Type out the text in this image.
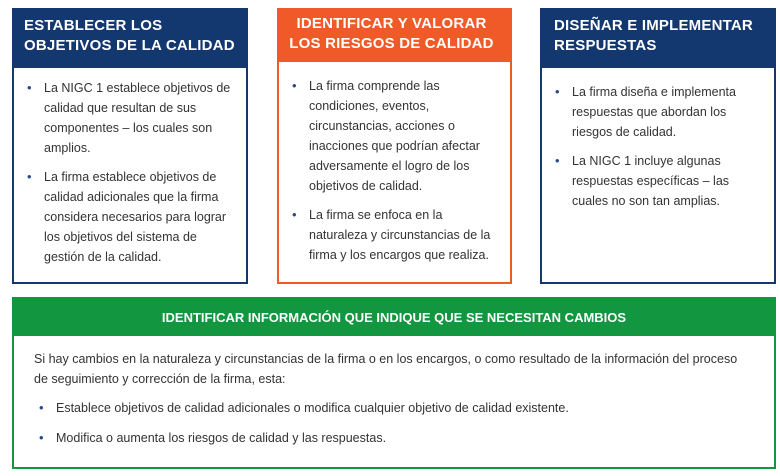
ESTABLECER LOS OBJETIVOS DE LA CALIDAD
• La NIGC 1 establece objetivos de calidad que resultan de sus componentes – los cuales son amplios.
• La firma establece objetivos de calidad adicionales que la firma considera necesarios para lograr los objetivos del sistema de gestión de la calidad.
IDENTIFICAR Y VALORAR LOS RIESGOS DE CALIDAD
• La firma comprende las condiciones, eventos, circunstancias, acciones o inacciones que podrían afectar adversamente el logro de los objetivos de calidad.
• La firma se enfoca en la naturaleza y circunstancias de la firma y los encargos que realiza.
DISEÑAR E IMPLEMENTAR RESPUESTAS
• La firma diseña e implementa respuestas que abordan los riesgos de calidad.
• La NIGC 1 incluye algunas respuestas específicas – las cuales no son tan amplias.
IDENTIFICAR INFORMACIÓN QUE INDIQUE QUE SE NECESITAN CAMBIOS

Si hay cambios en la naturaleza y circunstancias de la firma o en los encargos, o como resultado de la información del proceso de seguimiento y corrección de la firma, esta:

• Establece objetivos de calidad adicionales o modifica cualquier objetivo de calidad existente.
• Modifica o aumenta los riesgos de calidad y las respuestas.
